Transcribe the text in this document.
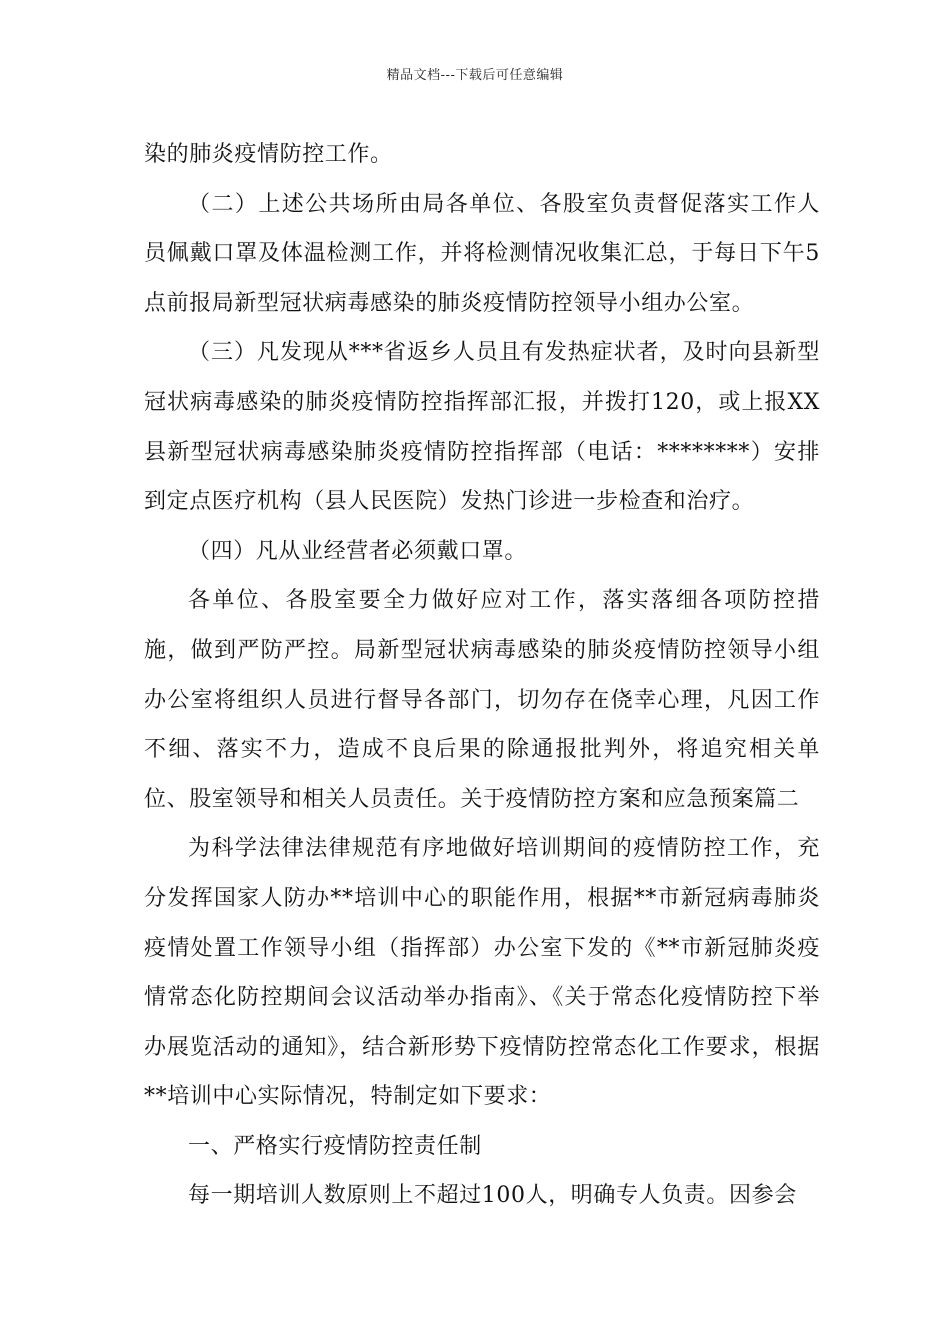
精品文档---下载后可任意编辑

染的肺炎疫情防控工作。

（二）上述公共场所由局各单位、各股室负责督促落实工作人员佩戴口罩及体温检测工作，并将检测情况收集汇总，于每日下午5点前报局新型冠状病毒感染的肺炎疫情防控领导小组办公室。

（三）凡发现从***省返乡人员且有发热症状者，及时向县新型冠状病毒感染的肺炎疫情防控指挥部汇报，并拨打120，或上报XX县新型冠状病毒感染肺炎疫情防控指挥部（电话：********）安排到定点医疗机构（县人民医院）发热门诊进一步检查和治疗。

（四）凡从业经营者必须戴口罩。

各单位、各股室要全力做好应对工作，落实落细各项防控措施，做到严防严控。局新型冠状病毒感染的肺炎疫情防控领导小组办公室将组织人员进行督导各部门，切勿存在侥幸心理，凡因工作不细、落实不力，造成不良后果的除通报批判外，将追究相关单位、股室领导和相关人员责任。关于疫情防控方案和应急预案篇二

为科学法律法律规范有序地做好培训期间的疫情防控工作，充分发挥国家人防办**培训中心的职能作用，根据**市新冠病毒肺炎疫情处置工作领导小组（指挥部）办公室下发的《**市新冠肺炎疫情常态化防控期间会议活动举办指南》、《关于常态化疫情防控下举办展览活动的通知》，结合新形势下疫情防控常态化工作要求，根据**培训中心实际情况，特制定如下要求：

一、严格实行疫情防控责任制

每一期培训人数原则上不超过100人，明确专人负责。因参会
